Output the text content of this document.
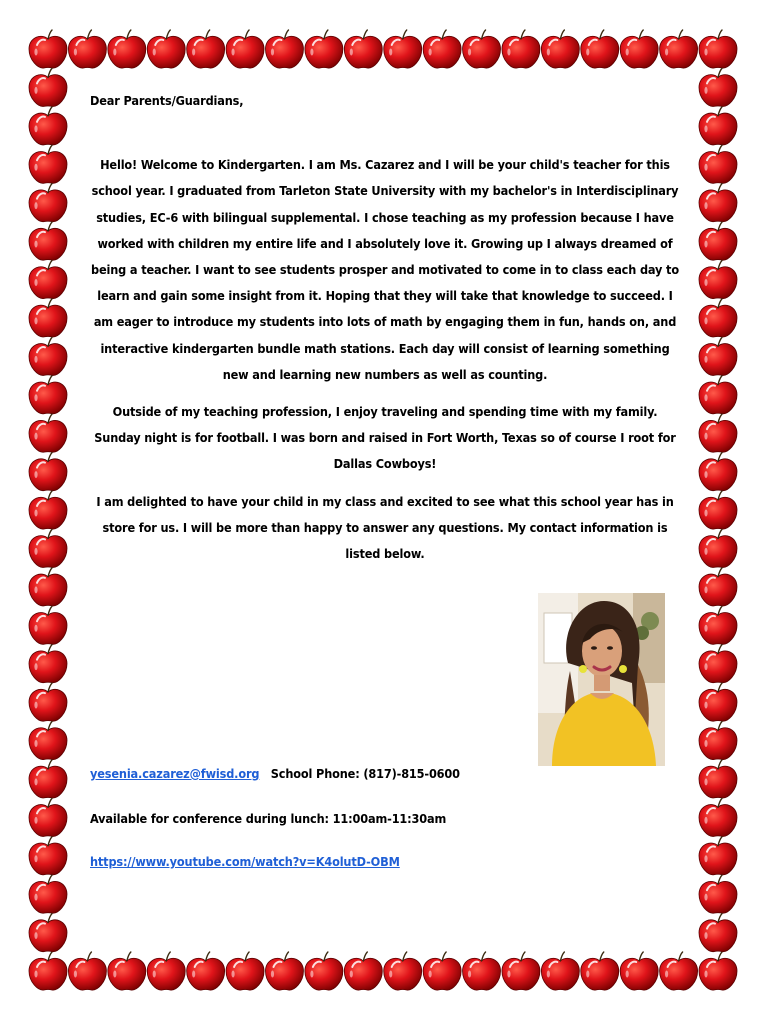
Dear Parents/Guardians,

Hello! Welcome to Kindergarten. I am Ms. Cazarez and I will be your child's teacher for this school year. I graduated from Tarleton State University with my bachelor's in Interdisciplinary studies, EC-6 with bilingual supplemental. I chose teaching as my profession because I have worked with children my entire life and I absolutely love it. Growing up I always dreamed of being a teacher. I want to see students prosper and motivated to come in to class each day to learn and gain some insight from it. Hoping that they will take that knowledge to succeed. I am eager to introduce my students into lots of math by engaging them in fun, hands on, and interactive kindergarten bundle math stations. Each day will consist of learning something new and learning new numbers as well as counting.

Outside of my teaching profession, I enjoy traveling and spending time with my family. Sunday night is for football. I was born and raised in Fort Worth, Texas so of course I root for Dallas Cowboys!

I am delighted to have your child in my class and excited to see what this school year has in store for us. I will be more than happy to answer any questions. My contact information is listed below.

yesenia.cazarez@fwisd.org School Phone: (817)-815-0600
Available for conference during lunch: 11:00am-11:30am
https://www.youtube.com/watch?v=K4olutD-OBM
